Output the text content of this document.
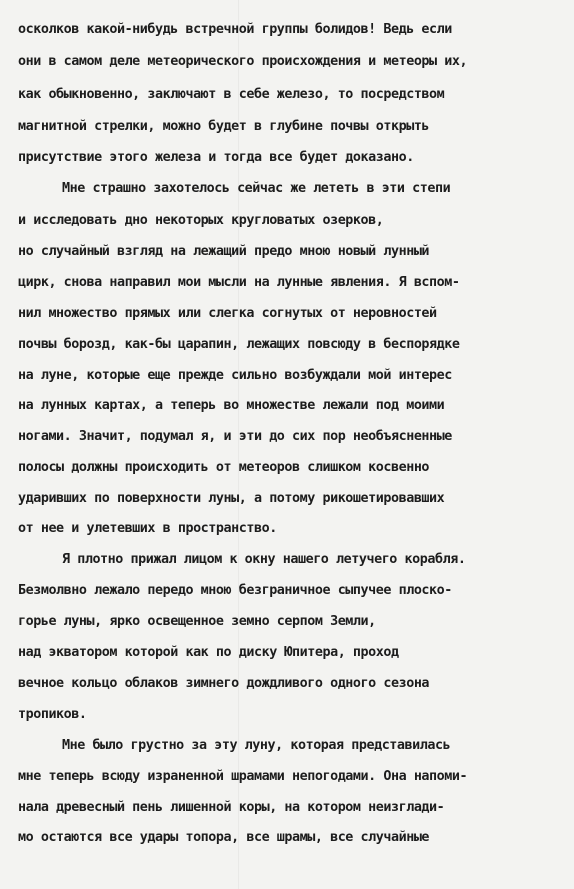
осколков какой-нибудь встречной группы болидов! Ведь если
они в самом деле метеорического происхождения и метеоры их,
как обыкновенно, заключают в себе железо, то посредством
магнитной стрелки, можно будет в глубине почвы открыть
присутствие этого железа и тогда все будет доказано.
Мне страшно захотелось сейчас же лететь в эти степи
и исследовать дно некоторых кругловатых озерков,
но случайный взгляд на лежащий предо мною новый лунный
цирк, снова направил мои мысли на лунные явления. Я вспом-
нил множество прямых или слегка согнутых от неровностей
почвы борозд, как-бы царапин, лежащих повсюду в беспорядке
на луне, которые еще прежде сильно возбуждали мой интерес
на лунных картах, а теперь во множестве лежали под моими
ногами. Значит, подумал я, и эти до сих пор необъясненные
полосы должны происходить от метеоров слишком косвенно
ударивших по поверхности луны, а потому рикошетировавших
от нее и улетевших в пространство.
Я плотно прижал лицом к окну нашего летучего корабля.
Безмолвно лежало передо мною безграничное сыпучее плоско-
горье луны, ярко освещенное земно серпом Земли,
над экватором которой как по диску Юпитера, проход
вечное кольцо облаков зимнего дождливого одного сезона
тропиков.
Мне было грустно за эту луну, которая представилась
мне теперь всюду израненной шрамами непогодами. Она напоми-
нала древесный пень лишенной коры, на котором неизглади-
мо остаются все удары топора, все шрамы, все случайные
